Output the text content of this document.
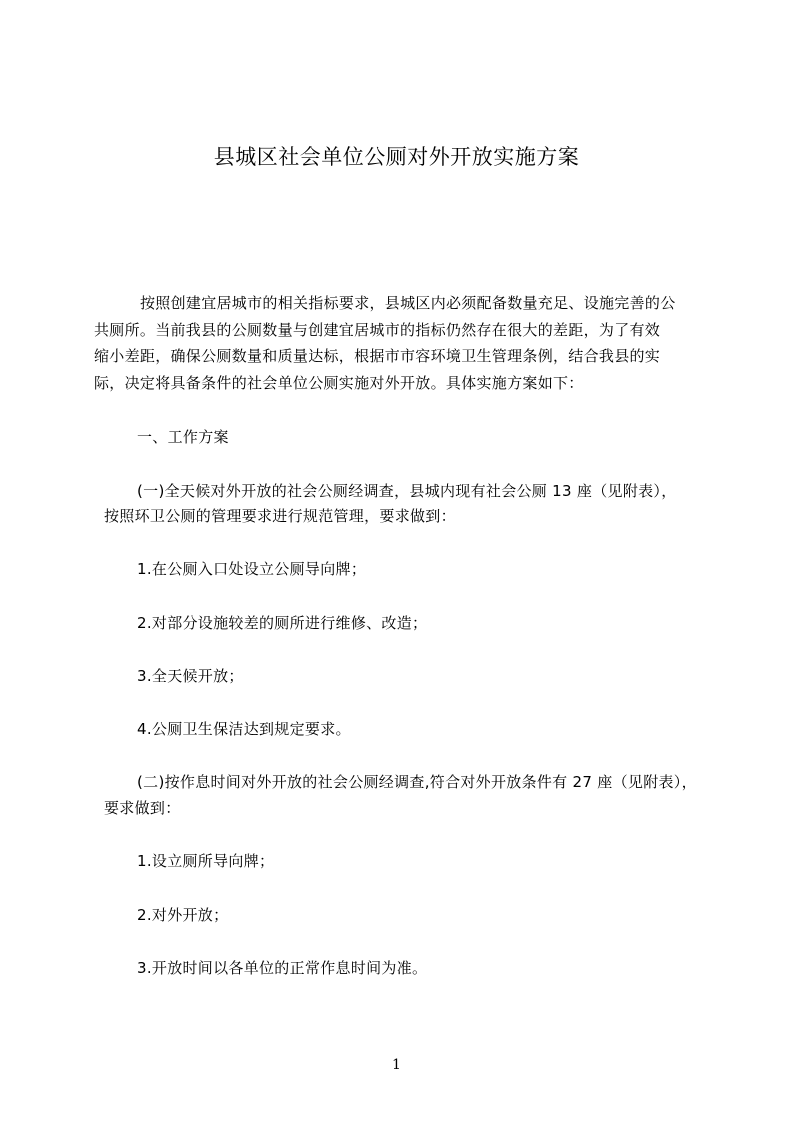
县城区社会单位公厕对外开放实施方案
按照创建宜居城市的相关指标要求，县城区内必须配备数量充足、设施完善的公
共厕所。当前我县的公厕数量与创建宜居城市的指标仍然存在很大的差距，为了有效
缩小差距，确保公厕数量和质量达标，根据市市容环境卫生管理条例，结合我县的实
际，决定将具备条件的社会单位公厕实施对外开放。具体实施方案如下：
一、工作方案
(一)全天候对外开放的社会公厕经调查，县城内现有社会公厕 13 座（见附表），
按照环卫公厕的管理要求进行规范管理，要求做到：
1.在公厕入口处设立公厕导向牌；
2.对部分设施较差的厕所进行维修、改造；
3.全天候开放；
4.公厕卫生保洁达到规定要求。
(二)按作息时间对外开放的社会公厕经调查,符合对外开放条件有 27 座（见附表），
要求做到：
1.设立厕所导向牌；
2.对外开放；
3.开放时间以各单位的正常作息时间为准。
1
